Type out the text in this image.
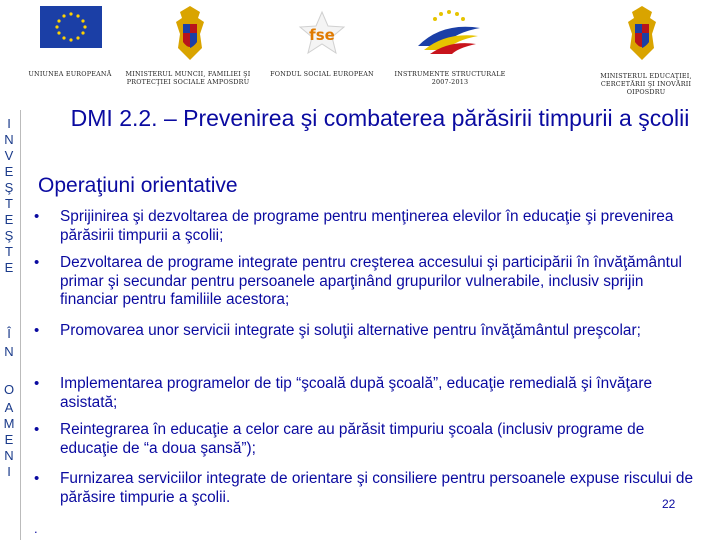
UNIUNEA EUROPEANĂ	MINISTERUL MUNCII, FAMILIEI ŞI PROTECŢIEI SOCIALE AMPOSDRU
fse
FONDUL SOCIAL EUROPEAN	INSTRUMENTE STRUCTURALE 2007-2013
MINISTERUL EDUCAŢIEI, CERCETĂRII ŞI INOVĂRII OIPOSDRU
I
N
V
E
Ş
T
E
Ş
T
E
Î
N
O
A
M
E
N
I
DMI 2.2. – Prevenirea şi combaterea părăsirii timpurii a şcolii
Operaţiuni orientative
• Sprijinirea şi dezvoltarea de programe pentru menţinerea elevilor în educaţie şi prevenirea părăsirii timpurii a şcolii;
• Dezvoltarea de programe integrate pentru creşterea accesului şi participării în învăţământul primar şi secundar pentru persoanele aparţinând grupurilor vulnerabile, inclusiv sprijin financiar pentru familiile acestora;
• Promovarea unor servicii integrate şi soluţii alternative pentru învăţământul preşcolar;
• Implementarea programelor de tip “şcoală după şcoală”, educaţie remedială şi învăţare asistată;
• Reintegrarea în educaţie a celor care au părăsit timpuriu şcoala (inclusiv programe de educaţie de “a doua şansă”);
• Furnizarea serviciilor integrate de orientare şi consiliere pentru persoanele expuse riscului de părăsire timpurie a şcolii.	22
.
